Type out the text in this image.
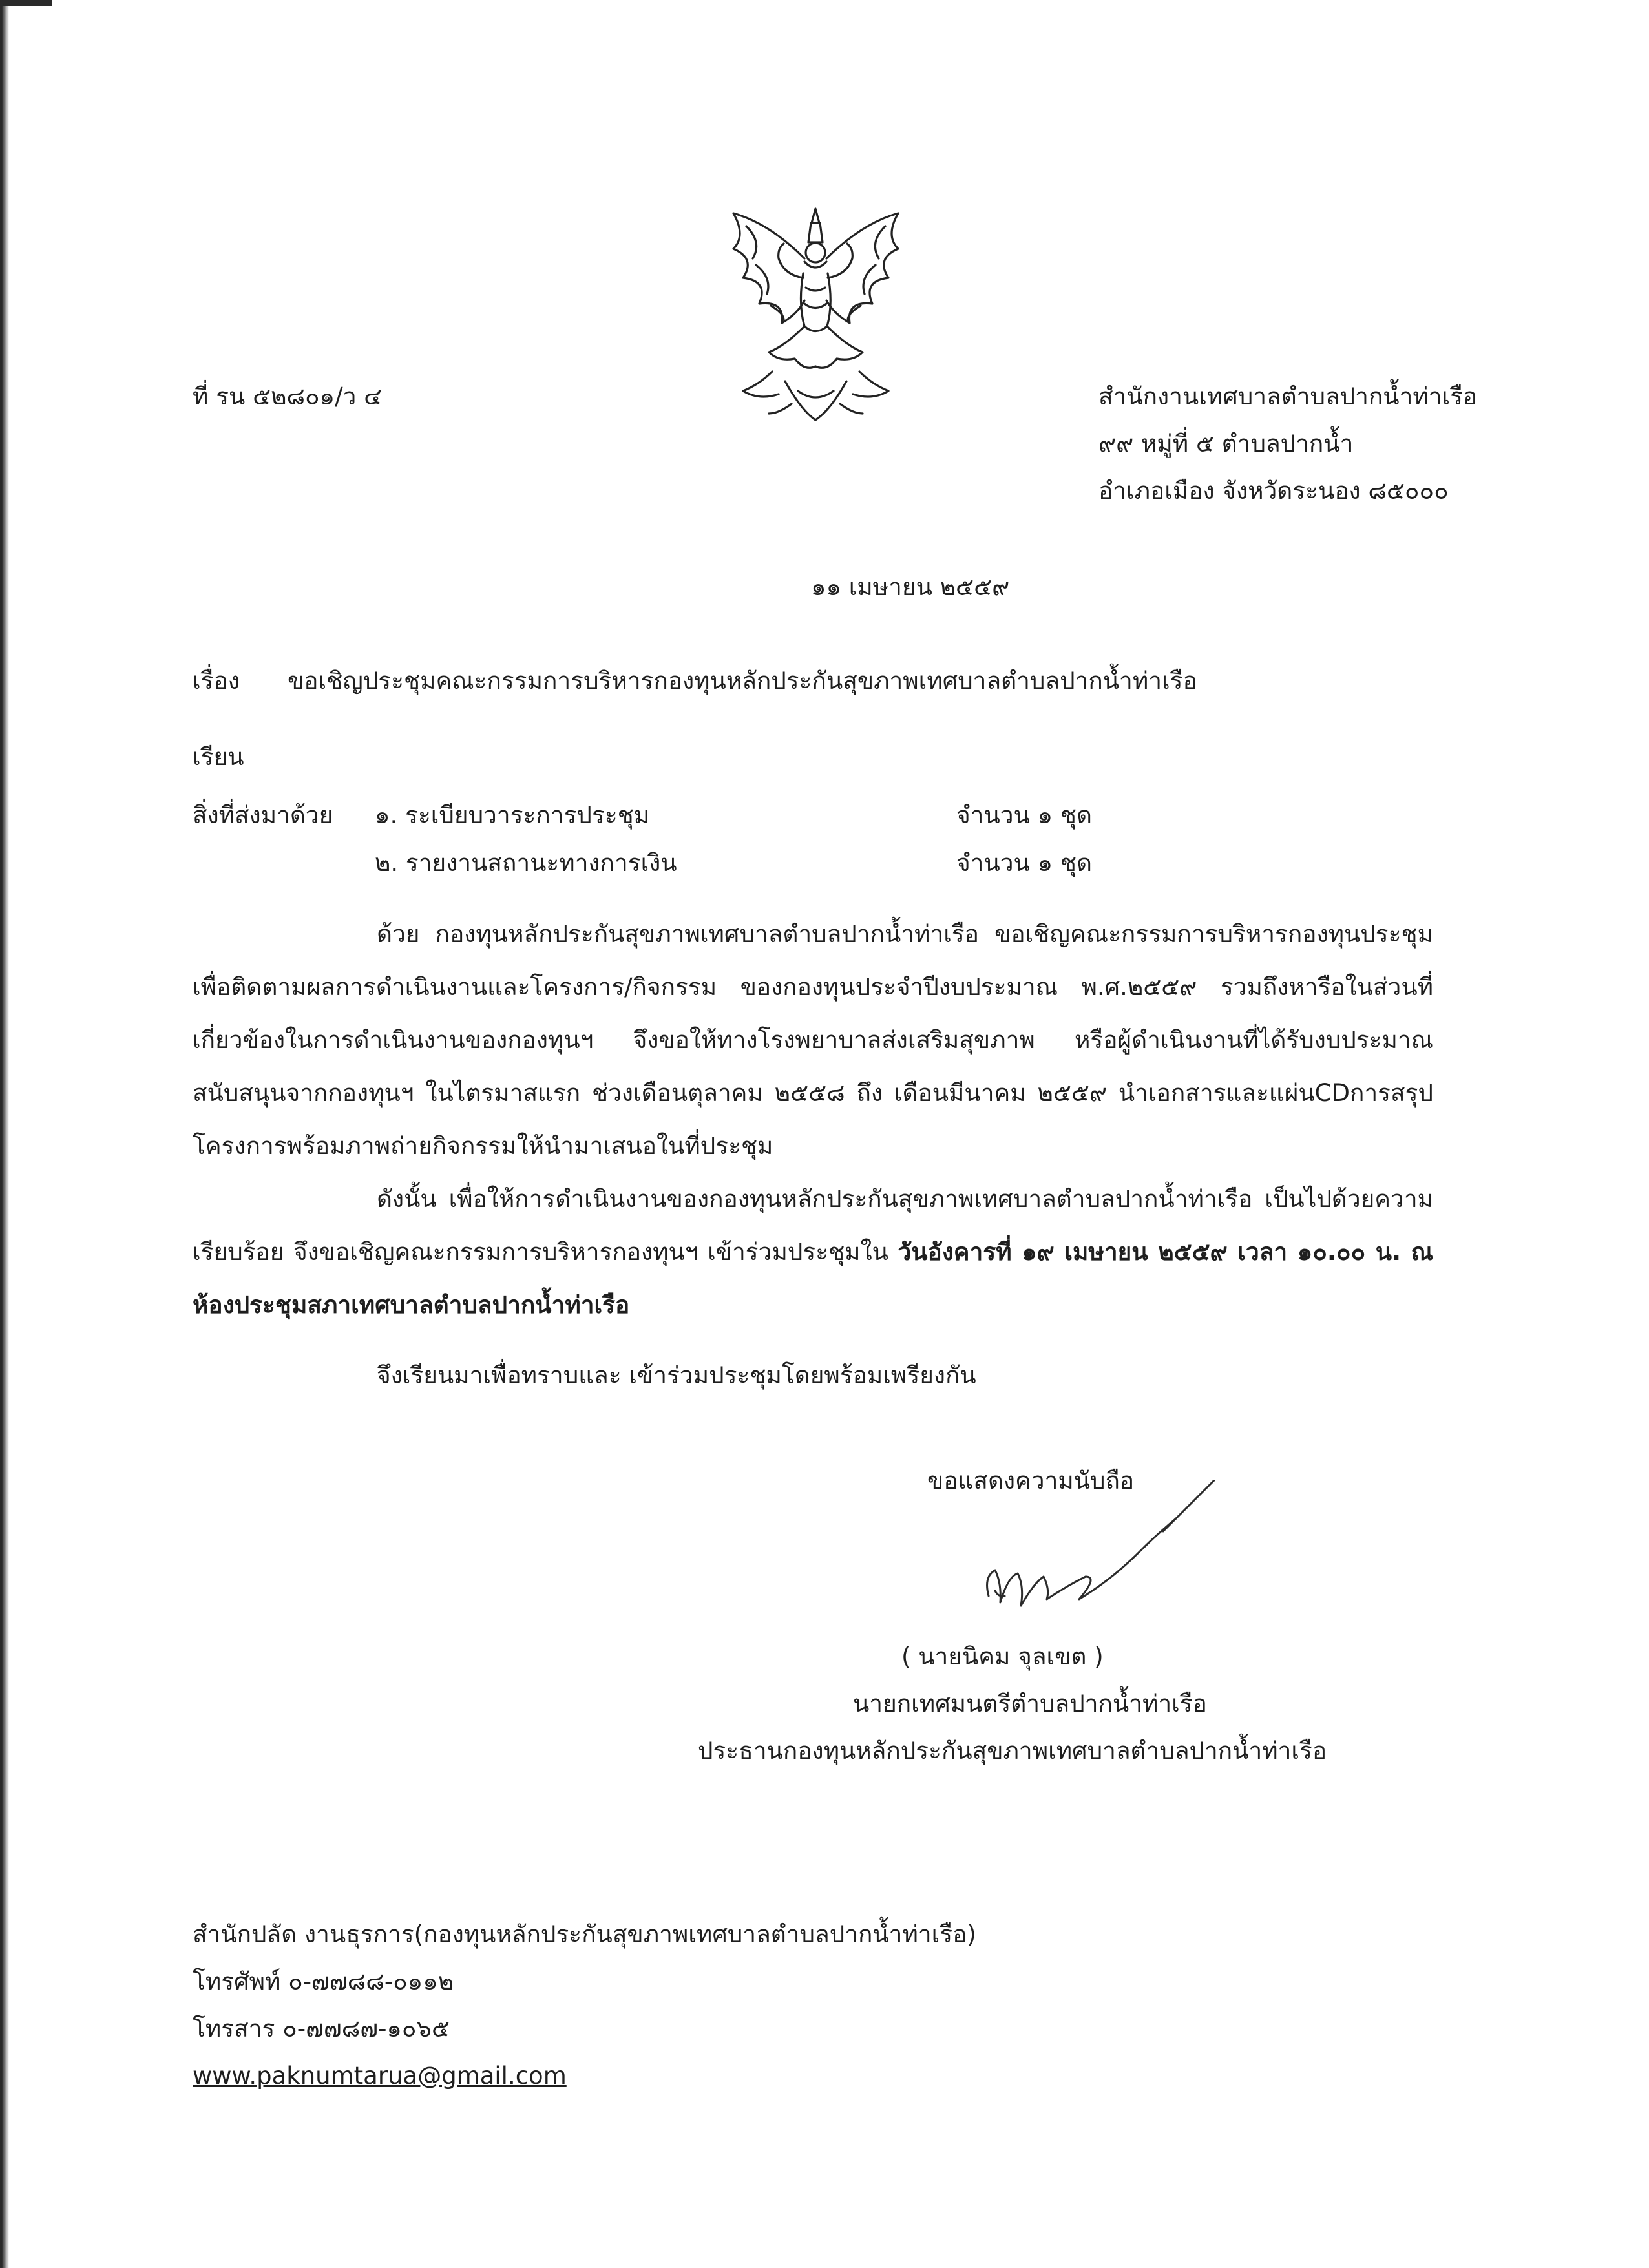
ที่ รน ๕๒๘๐๑/ว ๔	สำนักงานเทศบาลตำบลปากน้ำท่าเรือ
๙๙ หมู่ที่ ๕ ตำบลปากน้ำ
อำเภอเมือง จังหวัดระนอง ๘๕๐๐๐
๑๑ เมษายน ๒๕๕๙
เรื่อง ขอเชิญประชุมคณะกรรมการบริหารกองทุนหลักประกันสุขภาพเทศบาลตำบลปากน้ำท่าเรือ
เรียน
สิ่งที่ส่งมาด้วย ๑. ระเบียบวาระการประชุม	จำนวน ๑ ชุด
๒. รายงานสถานะทางการเงิน	จำนวน ๑ ชุด
ด้วย กองทุนหลักประกันสุขภาพเทศบาลตำบลปากน้ำท่าเรือ ขอเชิญคณะกรรมการบริหารกองทุนประชุมเพื่อติดตามผลการดำเนินงานและโครงการ/กิจกรรม ของกองทุนประจำปีงบประมาณ พ.ศ.๒๕๕๙ รวมถึงหารือในส่วนที่เกี่ยวข้องในการดำเนินงานของกองทุนฯ จึงขอให้ทางโรงพยาบาลส่งเสริมสุขภาพ หรือผู้ดำเนินงานที่ได้รับงบประมาณสนับสนุนจากกองทุนฯ ในไตรมาสแรก ช่วงเดือนตุลาคม ๒๕๕๘ ถึง เดือนมีนาคม ๒๕๕๙ นำเอกสารและแผ่นCDการสรุปโครงการพร้อมภาพถ่ายกิจกรรมให้นำมาเสนอในที่ประชุม
ดังนั้น เพื่อให้การดำเนินงานของกองทุนหลักประกันสุขภาพเทศบาลตำบลปากน้ำท่าเรือ เป็นไปด้วยความเรียบร้อย จึงขอเชิญคณะกรรมการบริหารกองทุนฯ เข้าร่วมประชุมใน วันอังคารที่ ๑๙ เมษายน ๒๕๕๙ เวลา ๑๐.๐๐ น. ณ ห้องประชุมสภาเทศบาลตำบลปากน้ำท่าเรือ
จึงเรียนมาเพื่อทราบและ เข้าร่วมประชุมโดยพร้อมเพรียงกัน
ขอแสดงความนับถือ
( นายนิคม จุลเขต )
นายกเทศมนตรีตำบลปากน้ำท่าเรือ
ประธานกองทุนหลักประกันสุขภาพเทศบาลตำบลปากน้ำท่าเรือ
สำนักปลัด งานธุรการ(กองทุนหลักประกันสุขภาพเทศบาลตำบลปากน้ำท่าเรือ)
โทรศัพท์ ๐-๗๗๘๘-๐๑๑๒
โทรสาร ๐-๗๗๘๗-๑๐๖๕
www.paknumtarua@gmail.com
